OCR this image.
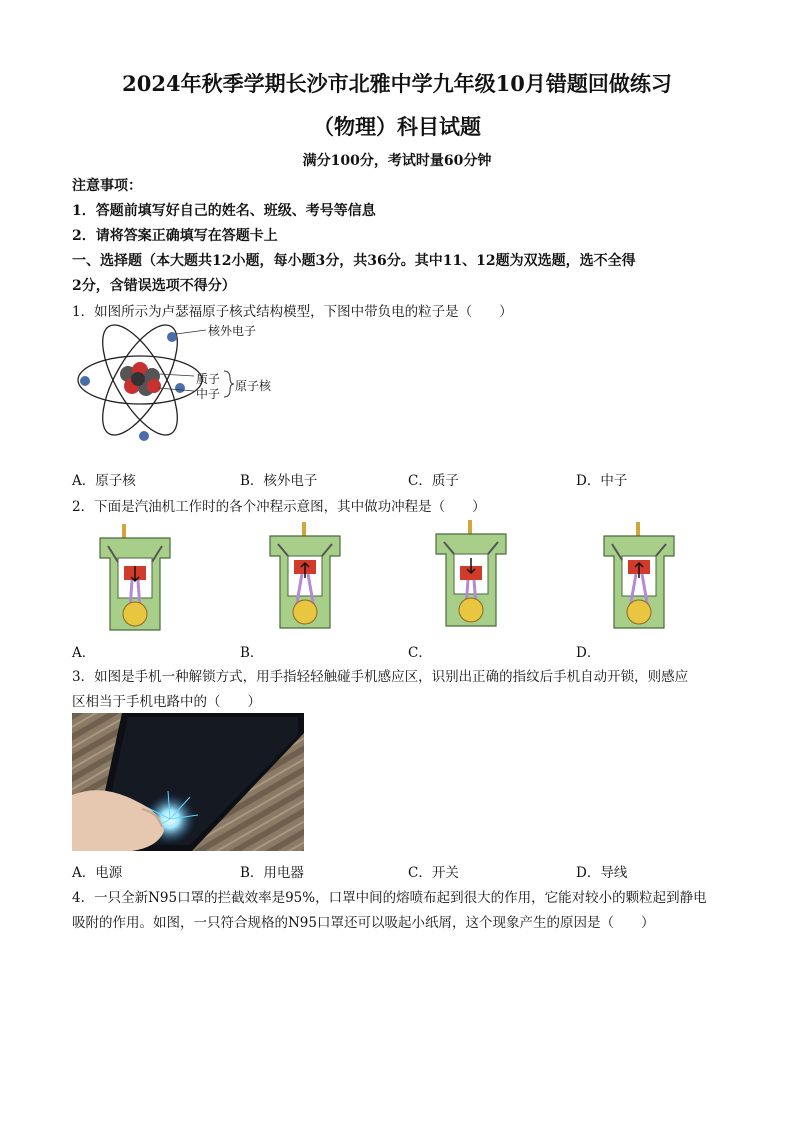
2024年秋季学期长沙市北雅中学九年级10月错题回做练习
（物理）科目试题
满分100分，考试时量60分钟
注意事项：
1．答题前填写好自己的姓名、班级、考号等信息
2．请将答案正确填写在答题卡上
一、选择题（本大题共12小题，每小题3分，共36分。其中11、12题为双选题，选不全得
2分，含错误选项不得分）
1．如图所示为卢瑟福原子核式结构模型，下图中带负电的粒子是（　　）
核外电子
质子
中子
原子核
A．原子核	B．核外电子	C．质子	D．中子
2．下面是汽油机工作时的各个冲程示意图，其中做功冲程是（　　）
A．	B．	C．	D．
3．如图是手机一种解锁方式，用手指轻轻触碰手机感应区，识别出正确的指纹后手机自动开锁，则感应
区相当于手机电路中的（　　）
A．电源	B．用电器	C．开关	D．导线
4．一只全新N95口罩的拦截效率是95%，口罩中间的熔喷布起到很大的作用，它能对较小的颗粒起到静电
吸附的作用。如图，一只符合规格的N95口罩还可以吸起小纸屑，这个现象产生的原因是（　　）
